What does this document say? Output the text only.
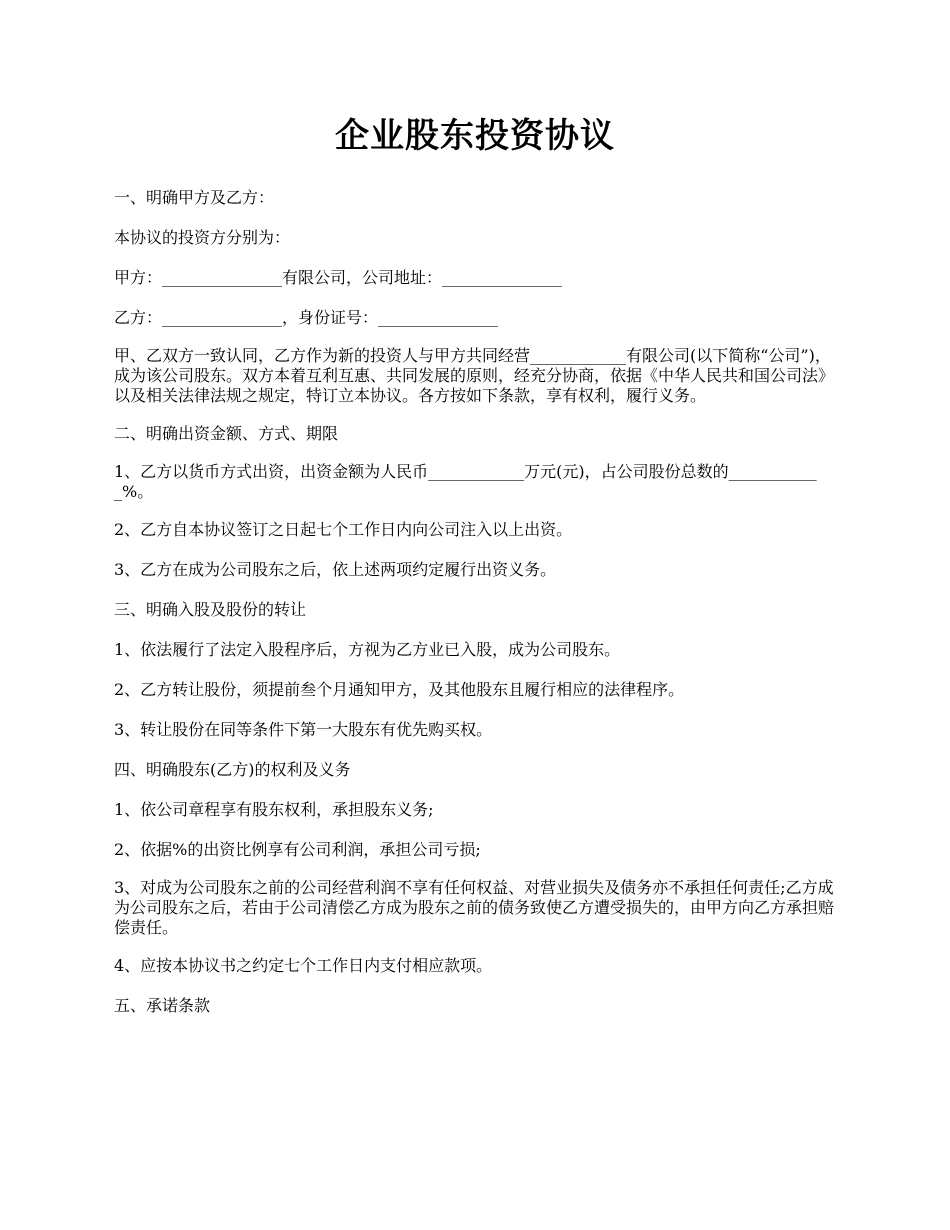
企业股东投资协议

一、明确甲方及乙方：

本协议的投资方分别为：

甲方：_______________有限公司，公司地址：_______________

乙方：_______________，身份证号：_______________

甲、乙双方一致认同，乙方作为新的投资人与甲方共同经营____________有限公司(以下简称“公司”)，成为该公司股东。双方本着互利互惠、共同发展的原则，经充分协商，依据《中华人民共和国公司法》以及相关法律法规之规定，特订立本协议。各方按如下条款，享有权利，履行义务。

二、明确出资金额、方式、期限

1、乙方以货币方式出资，出资金额为人民币____________万元(元)，占公司股份总数的____________%。

2、乙方自本协议签订之日起七个工作日内向公司注入以上出资。

3、乙方在成为公司股东之后，依上述两项约定履行出资义务。

三、明确入股及股份的转让

1、依法履行了法定入股程序后，方视为乙方业已入股，成为公司股东。

2、乙方转让股份，须提前叁个月通知甲方，及其他股东且履行相应的法律程序。

3、转让股份在同等条件下第一大股东有优先购买权。

四、明确股东(乙方)的权利及义务

1、依公司章程享有股东权利，承担股东义务;

2、依据%的出资比例享有公司利润，承担公司亏损;

3、对成为公司股东之前的公司经营利润不享有任何权益、对营业损失及债务亦不承担任何责任;乙方成为公司股东之后，若由于公司清偿乙方成为股东之前的债务致使乙方遭受损失的，由甲方向乙方承担赔偿责任。

4、应按本协议书之约定七个工作日内支付相应款项。

五、承诺条款
